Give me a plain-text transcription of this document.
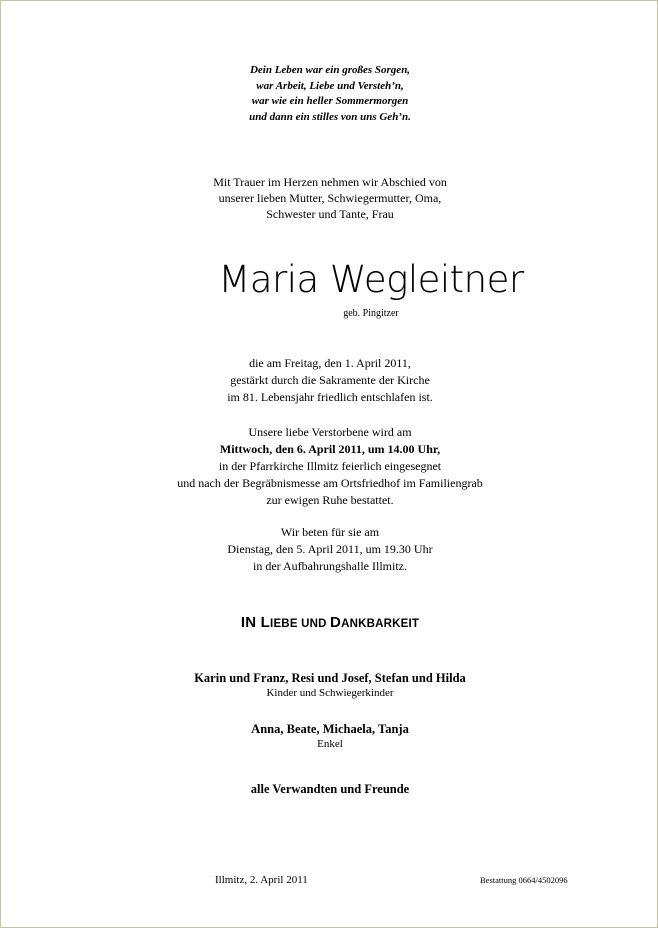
Dein Leben war ein großes Sorgen,
war Arbeit, Liebe und Versteh’n,
war wie ein heller Sommermorgen
und dann ein stilles von uns Geh’n.
Mit Trauer im Herzen nehmen wir Abschied von
unserer lieben Mutter, Schwiegermutter, Oma,
Schwester und Tante, Frau
Maria Wegleitner
geb. Pingitzer
die am Freitag, den 1. April 2011,
gestärkt durch die Sakramente der Kirche
im 81. Lebensjahr friedlich entschlafen ist.
Unsere liebe Verstorbene wird am
Mittwoch, den 6. April 2011, um 14.00 Uhr,
in der Pfarrkirche Illmitz feierlich eingesegnet
und nach der Begräbnismesse am Ortsfriedhof im Familiengrab
zur ewigen Ruhe bestattet.
Wir beten für sie am
Dienstag, den 5. April 2011, um 19.30 Uhr
in der Aufbahrungshalle Illmitz.
IN LIEBE UND DANKBARKEIT
Karin und Franz, Resi und Josef, Stefan und Hilda
Kinder und Schwiegerkinder
Anna, Beate, Michaela, Tanja
Enkel
alle Verwandten und Freunde
Illmitz, 2. April 2011	Bestattung 0664/4502096
